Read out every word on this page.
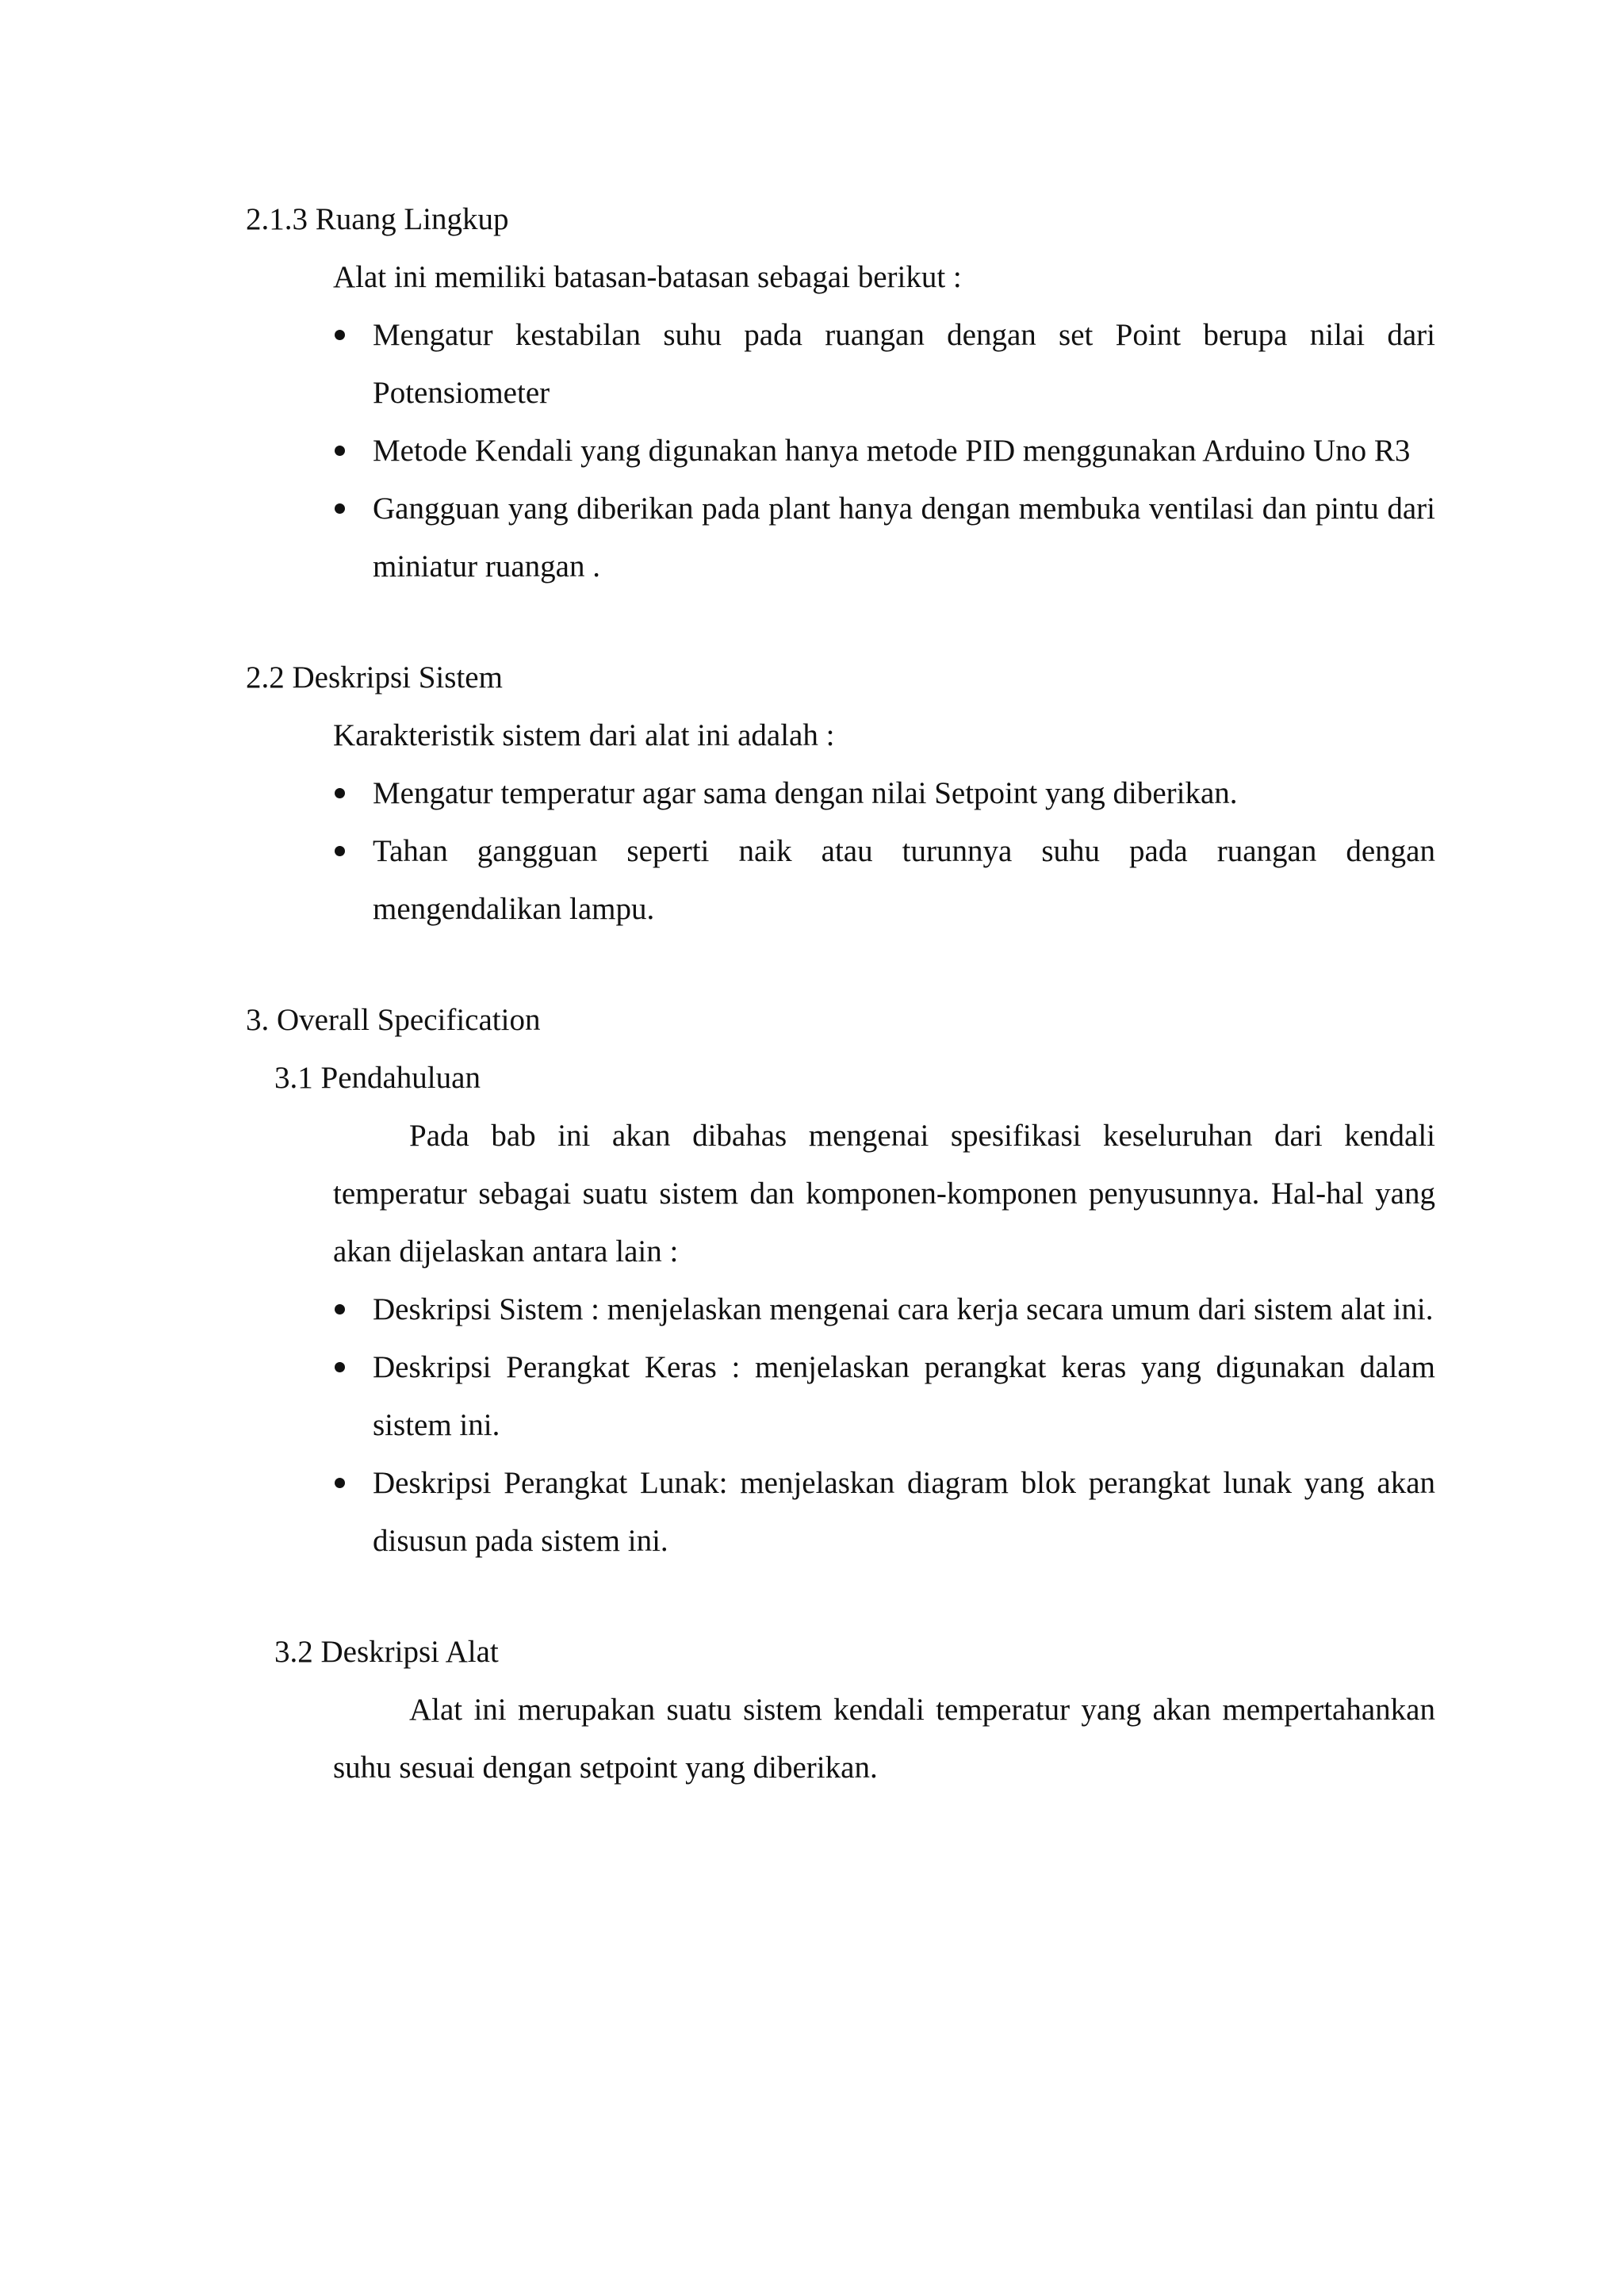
2.1.3 Ruang Lingkup
Alat ini memiliki batasan-batasan sebagai berikut :
Mengatur kestabilan suhu pada ruangan dengan set Point berupa nilai dari Potensiometer
Metode Kendali yang digunakan hanya metode PID menggunakan Arduino Uno R3
Gangguan yang diberikan pada plant hanya dengan membuka ventilasi dan pintu dari miniatur ruangan .
2.2 Deskripsi Sistem
Karakteristik sistem dari alat ini adalah :
Mengatur temperatur agar sama dengan nilai Setpoint yang diberikan.
Tahan gangguan seperti naik atau turunnya suhu pada ruangan dengan mengendalikan lampu.
3. Overall Specification
3.1 Pendahuluan
Pada bab ini akan dibahas mengenai spesifikasi keseluruhan dari kendali temperatur sebagai suatu sistem dan komponen-komponen penyusunnya. Hal-hal yang akan dijelaskan antara lain :
Deskripsi Sistem : menjelaskan mengenai cara kerja secara umum dari sistem alat ini.
Deskripsi Perangkat Keras : menjelaskan perangkat keras yang digunakan dalam sistem ini.
Deskripsi Perangkat Lunak: menjelaskan diagram blok perangkat lunak yang akan disusun pada sistem ini.
3.2 Deskripsi Alat
Alat ini merupakan suatu sistem kendali temperatur yang akan mempertahankan suhu sesuai dengan setpoint yang diberikan.
